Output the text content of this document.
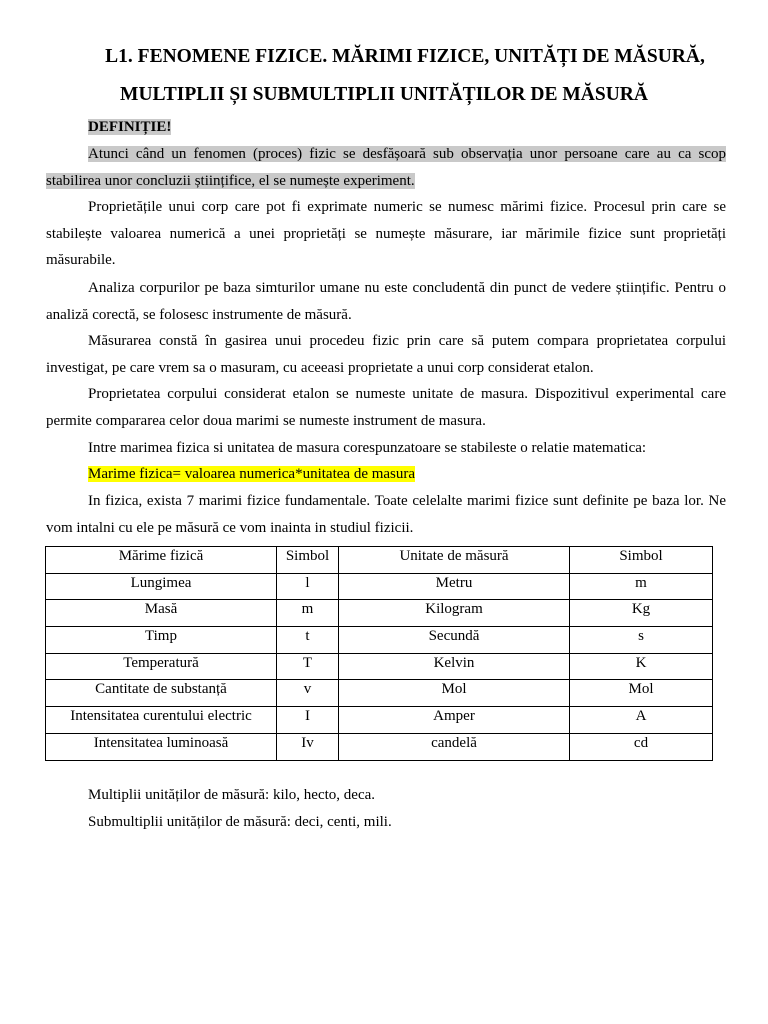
L1. FENOMENE FIZICE. MĂRIMI FIZICE, UNITĂȚI DE MĂSURĂ,
MULTIPLII ȘI SUBMULTIPLII UNITĂȚILOR DE MĂSURĂ
DEFINIȚIE!
Atunci când un fenomen (proces) fizic se desfășoară sub observația unor persoane care au ca scop stabilirea unor concluzii științifice, el se numește experiment.
Proprietățile unui corp care pot fi exprimate numeric se numesc mărimi fizice. Procesul prin care se stabilește valoarea numerică a unei proprietăți se numește măsurare, iar mărimile fizice sunt proprietăți măsurabile.
Analiza corpurilor pe baza simturilor umane nu este concludentă din punct de vedere științific. Pentru o analiză corectă, se folosesc instrumente de măsură.
Măsurarea constă în gasirea unui procedeu fizic prin care să putem compara proprietatea corpului investigat, pe care vrem sa o masuram, cu aceeasi proprietate a unui corp considerat etalon.
Proprietatea corpului considerat etalon se numeste unitate de masura. Dispozitivul experimental care permite compararea celor doua marimi se numeste instrument de masura.
Intre marimea fizica si unitatea de masura corespunzatoare se stabileste o relatie matematica:
Marime fizica= valoarea numerica*unitatea de masura
In fizica, exista 7 marimi fizice fundamentale. Toate celelalte marimi fizice sunt definite pe baza lor. Ne vom intalni cu ele pe măsură ce vom inainta in studiul fizicii.
Mărime fizică	Simbol	Unitate de măsură	Simbol
Lungimea	l	Metru	m
Masă	m	Kilogram	Kg
Timp	t	Secundă	s
Temperatură	T	Kelvin	K
Cantitate de substanță	v	Mol	Mol
Intensitatea curentului electric	I	Amper	A
Intensitatea luminoasă	Iv	candelă	cd
Multiplii unităților de măsură: kilo, hecto, deca.
Submultiplii unităților de măsură: deci, centi, mili.
